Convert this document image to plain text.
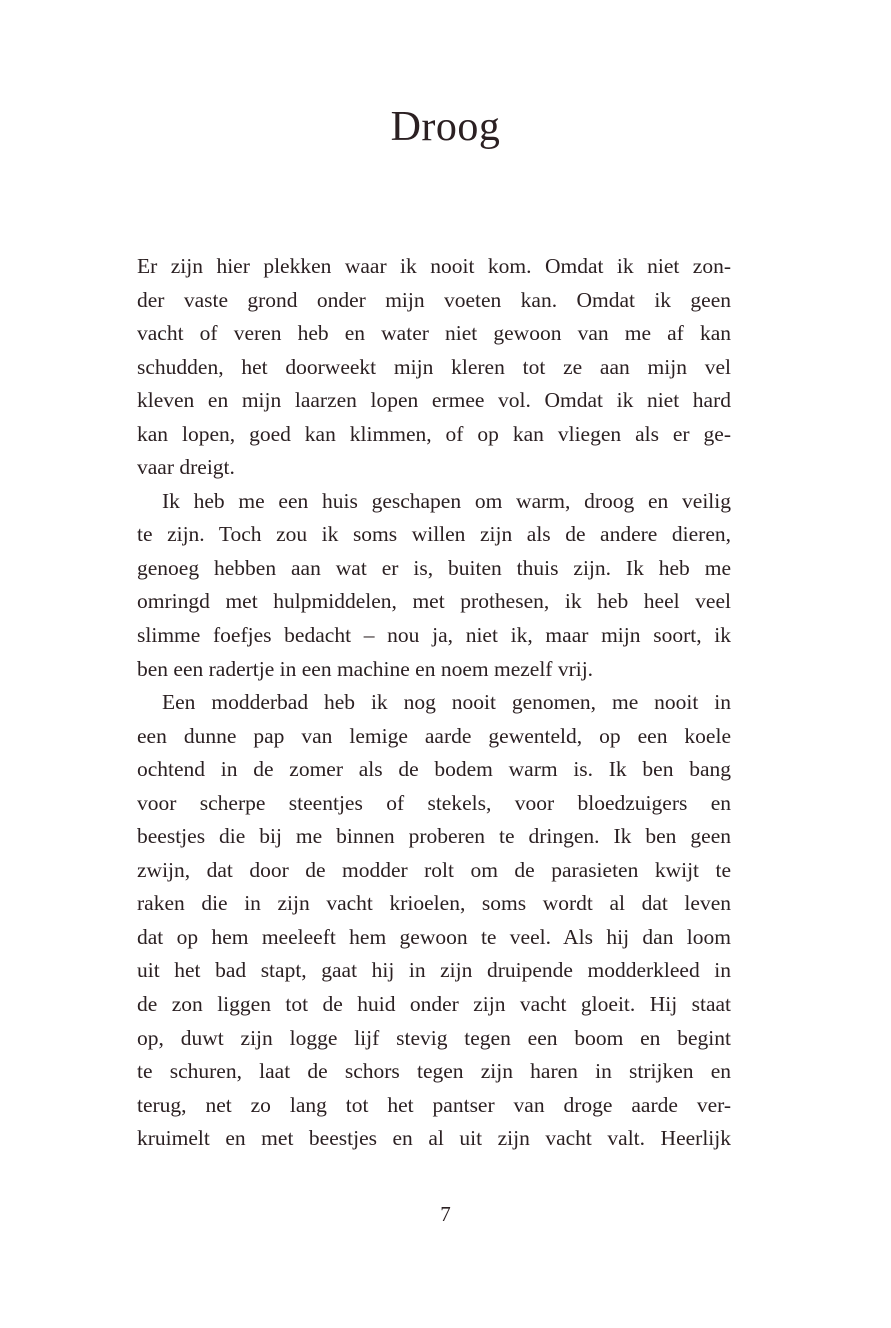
Droog
Er zijn hier plekken waar ik nooit kom. Omdat ik niet zon-
der vaste grond onder mijn voeten kan. Omdat ik geen
vacht of veren heb en water niet gewoon van me af kan
schudden, het doorweekt mijn kleren tot ze aan mijn vel
kleven en mijn laarzen lopen ermee vol. Omdat ik niet hard
kan lopen, goed kan klimmen, of op kan vliegen als er ge-
vaar dreigt.
Ik heb me een huis geschapen om warm, droog en veilig
te zijn. Toch zou ik soms willen zijn als de andere dieren,
genoeg hebben aan wat er is, buiten thuis zijn. Ik heb me
omringd met hulpmiddelen, met prothesen, ik heb heel veel
slimme foefjes bedacht – nou ja, niet ik, maar mijn soort, ik
ben een radertje in een machine en noem mezelf vrij.
Een modderbad heb ik nog nooit genomen, me nooit in
een dunne pap van lemige aarde gewenteld, op een koele
ochtend in de zomer als de bodem warm is. Ik ben bang
voor scherpe steentjes of stekels, voor bloedzuigers en
beestjes die bij me binnen proberen te dringen. Ik ben geen
zwijn, dat door de modder rolt om de parasieten kwijt te
raken die in zijn vacht krioelen, soms wordt al dat leven
dat op hem meeleeft hem gewoon te veel. Als hij dan loom
uit het bad stapt, gaat hij in zijn druipende modderkleed in
de zon liggen tot de huid onder zijn vacht gloeit. Hij staat
op, duwt zijn logge lijf stevig tegen een boom en begint
te schuren, laat de schors tegen zijn haren in strijken en
terug, net zo lang tot het pantser van droge aarde ver-
kruimelt en met beestjes en al uit zijn vacht valt. Heerlijk
7
